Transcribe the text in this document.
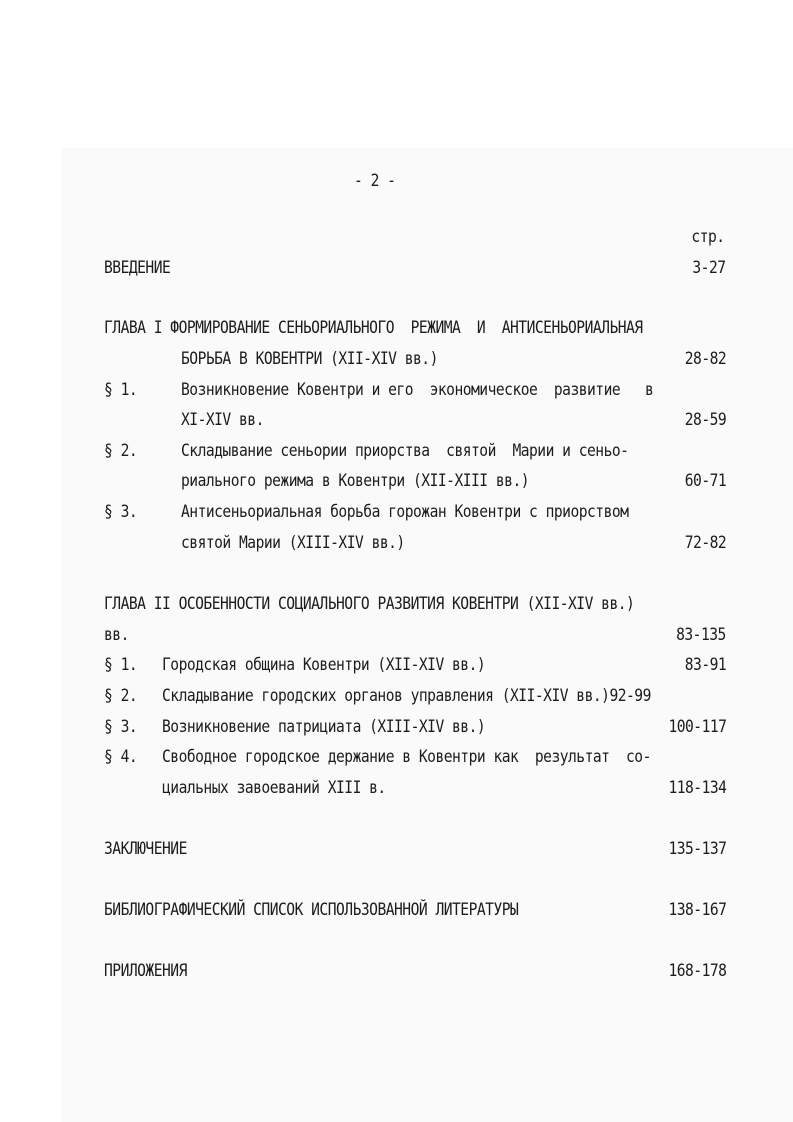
- 2 -
стр.
ВВЕДЕНИЕ	3-27
ГЛАВА I ФОРМИРОВАНИЕ СЕНЬОРИАЛЬНОГО  РЕЖИМА  И  АНТИСЕНЬОРИАЛЬНАЯ
БОРЬБА В КОВЕНТРИ (XII-XIV вв.)	28-82
§ 1.	Возникновение Ковентри и его  экономическое  развитие   в
XI-XIV вв.	28-59
§ 2.	Складывание сеньории приорства  святой  Марии и сеньо-
риального режима в Ковентри (XII-XIII вв.)	60-71
§ 3.	Антисеньориальная борьба горожан Ковентри с приорством
святой Марии (XIII-XIV вв.)	72-82
ГЛАВА II ОСОБЕННОСТИ СОЦИАЛЬНОГО РАЗВИТИЯ КОВЕНТРИ (XII-XIV вв.)
вв.	83-135
§ 1. Городская община Ковентри (XII-XIV вв.)	83-91
§ 2. Складывание городских органов управления (XII-XIV вв.)92-99
§ 3. Возникновение патрициата (XIII-XIV вв.)	100-117
§ 4. Свободное городское держание в Ковентри как  результат  со-
циальных завоеваний XIII в.	118-134
ЗАКЛЮЧЕНИЕ	135-137
БИБЛИОГРАФИЧЕСКИЙ СПИСОК ИСПОЛЬЗОВАННОЙ ЛИТЕРАТУРЫ	138-167
ПРИЛОЖЕНИЯ	168-178
